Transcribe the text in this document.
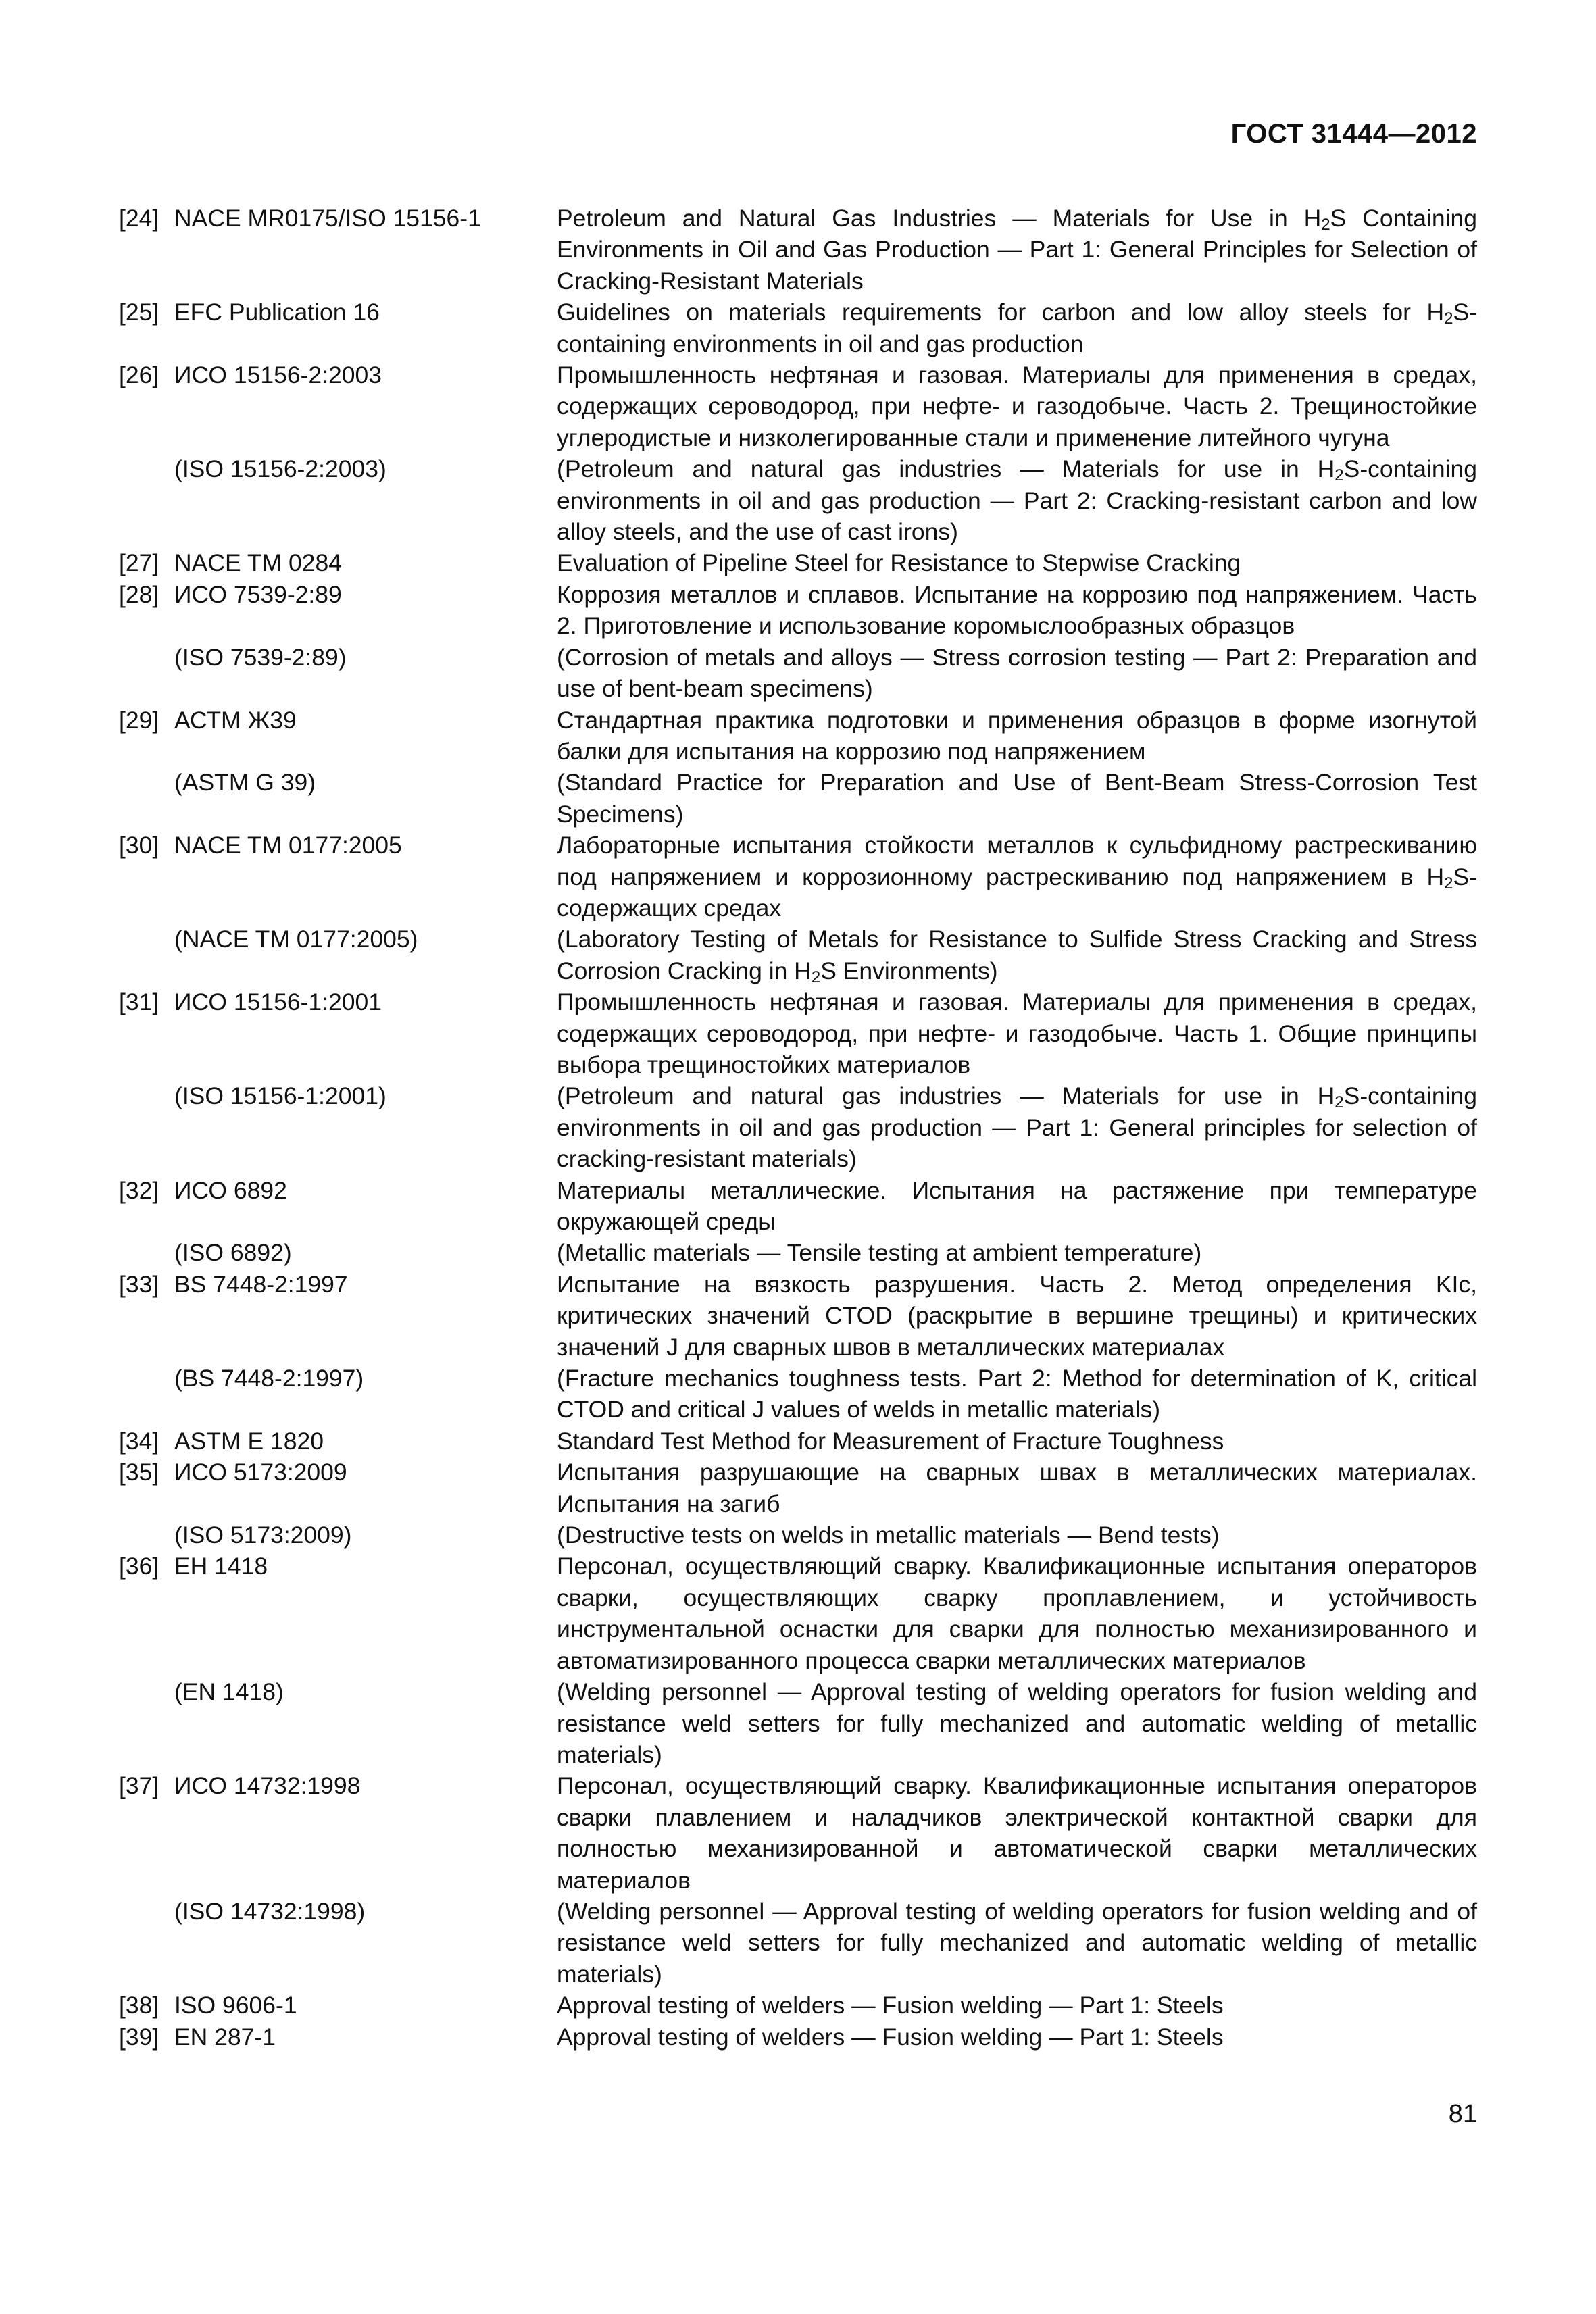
ГОСТ 31444—2012
[24] NACE MR0175/ISO 15156-1	Petroleum and Natural Gas Industries — Materials for Use in $H_2S$ Containing Environments in Oil and Gas Production — Part 1: General Principles for Selection of Cracking-Resistant Materials
[25] EFC Publication 16	Guidelines on materials requirements for carbon and low alloy steels for $H_2S$-containing environments in oil and gas production
[26] ИСО 15156-2:2003	Промышленность нефтяная и газовая. Материалы для применения в средах, содержащих сероводород, при нефте- и газодобыче. Часть 2. Трещиностойкие углеродистые и низколегированные стали и применение литейного чугуна
(ISO 15156-2:2003)	(Petroleum and natural gas industries — Materials for use in $H_2S$-containing environments in oil and gas production — Part 2: Cracking-resistant carbon and low alloy steels, and the use of cast irons)
[27] NACE TM 0284	Evaluation of Pipeline Steel for Resistance to Stepwise Cracking
[28] ИСО 7539-2:89	Коррозия металлов и сплавов. Испытание на коррозию под напряжением. Часть 2. Приготовление и использование коромыслообразных образцов
(ISO 7539-2:89)	(Corrosion of metals and alloys — Stress corrosion testing — Part 2: Preparation and use of bent-beam specimens)
[29] АСТМ Ж39	Стандартная практика подготовки и применения образцов в форме изогнутой балки для испытания на коррозию под напряжением
(ASTM G 39)	(Standard Practice for Preparation and Use of Bent-Beam Stress-Corrosion Test Specimens)
[30] NACE TM 0177:2005	Лабораторные испытания стойкости металлов к сульфидному растрескиванию под напряжением и коррозионному растрескиванию под напряжением в $H_2S$-содержащих средах
(NACE TM 0177:2005)	(Laboratory Testing of Metals for Resistance to Sulfide Stress Cracking and Stress Corrosion Cracking in $H_2S$ Environments)
[31] ИСО 15156-1:2001	Промышленность нефтяная и газовая. Материалы для применения в средах, содержащих сероводород, при нефте- и газодобыче. Часть 1. Общие принципы выбора трещиностойких материалов
(ISO 15156-1:2001)	(Petroleum and natural gas industries — Materials for use in $H_2S$-containing environments in oil and gas production — Part 1: General principles for selection of cracking-resistant materials)
[32] ИСО 6892	Материалы металлические. Испытания на растяжение при температуре окружающей среды
(ISO 6892)	(Metallic materials — Tensile testing at ambient temperature)
[33] BS 7448-2:1997	Испытание на вязкость разрушения. Часть 2. Метод определения KIc, критических значений CTOD (раскрытие в вершине трещины) и критических значений J для сварных швов в металлических материалах
(BS 7448-2:1997)	(Fracture mechanics toughness tests. Part 2: Method for determination of K, critical CTOD and critical J values of welds in metallic materials)
[34] ASTM E 1820	Standard Test Method for Measurement of Fracture Toughness
[35] ИСО 5173:2009	Испытания разрушающие на сварных швах в металлических материалах. Испытания на загиб
(ISO 5173:2009)	(Destructive tests on welds in metallic materials — Bend tests)
[36] ЕН 1418	Персонал, осуществляющий сварку. Квалификационные испытания операторов сварки, осуществляющих сварку проплавлением, и устойчивость инструментальной оснастки для сварки для полностью механизированного и автоматизированного процесса сварки металлических материалов
(EN 1418)	(Welding personnel — Approval testing of welding operators for fusion welding and resistance weld setters for fully mechanized and automatic welding of metallic materials)
[37] ИСО 14732:1998	Персонал, осуществляющий сварку. Квалификационные испытания операторов сварки плавлением и наладчиков электрической контактной сварки для полностью механизированной и автоматической сварки металлических материалов
(ISO 14732:1998)	(Welding personnel — Approval testing of welding operators for fusion welding and of resistance weld setters for fully mechanized and automatic welding of metallic materials)
[38] ISO 9606-1	Approval testing of welders — Fusion welding — Part 1: Steels
[39] EN 287-1	Approval testing of welders — Fusion welding — Part 1: Steels
81
